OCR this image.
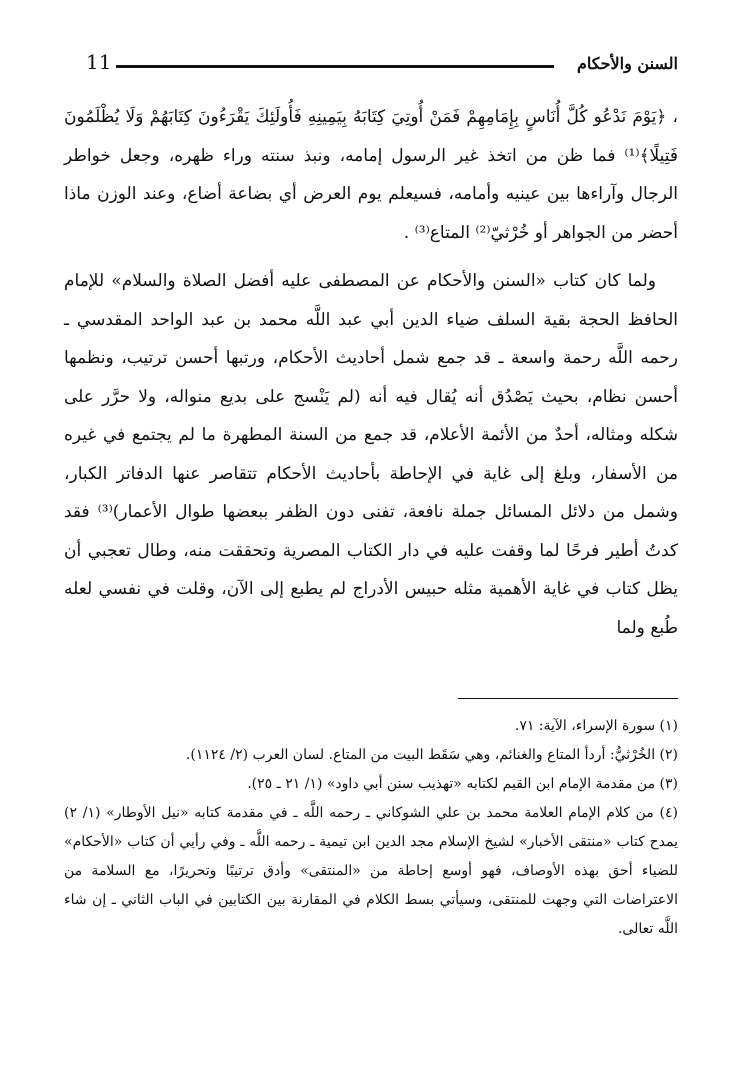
11	السنن والأحكام

، ﴿يَوْمَ نَدْعُو كُلَّ أُنَاسٍ بِإِمَامِهِمْ فَمَنْ أُوتِيَ كِتَابَهُ بِيَمِينِهِ فَأُولَئِكَ يَقْرَءُونَ كِتَابَهُمْ وَلَا يُظْلَمُونَ فَتِيلًا﴾⁽¹⁾ فما ظن من اتخذ غير الرسول إمامه، ونبذ سنته وراء ظهره، وجعل خواطر الرجال وآراءها بين عينيه وأمامه، فسيعلم يوم العرض أي بضاعة أضاع، وعند الوزن ماذا أحضر من الجواهر أو خُرْثيّ⁽²⁾ المتاع⁽³⁾ .

ولما كان كتاب «السنن والأحكام عن المصطفى عليه أفضل الصلاة والسلام» للإمام الحافظ الحجة بقية السلف ضياء الدين أبي عبد اللَّه محمد بن عبد الواحد المقدسي ـ رحمه اللَّه رحمة واسعة ـ قد جمع شمل أحاديث الأحكام، ورتبها أحسن ترتيب، ونظمها أحسن نظام، بحيث يَصْدُق أنه يُقال فيه أنه (لم يَنْسج على بديع منواله، ولا حرَّر على شكله ومثاله، أحدٌ من الأئمة الأعلام، قد جمع من السنة المطهرة ما لم يجتمع في غيره من الأسفار، وبلغ إلى غاية في الإحاطة بأحاديث الأحكام تتقاصر عنها الدفاتر الكبار، وشمل من دلائل المسائل جملة نافعة، تفنى دون الظفر ببعضها طوال الأعمار)⁽³⁾ فقد كدتُ أطير فرحًا لما وقفت عليه في دار الكتاب المصرية وتحققت منه، وطال تعجبي أن يظل كتاب في غاية الأهمية مثله حبيس الأدراج لم يطبع إلى الآن، وقلت في نفسي لعله طُبع ولما

(١) سورة الإسراء، الآية: ٧١.

(٢) الخُرْثيُّ: أردأ المتاع والغنائم، وهي سَقَط البيت من المتاع. لسان العرب (٢/ ١١٢٤).

(٣) من مقدمة الإمام ابن القيم لكتابه «تهذيب سنن أبي داود» (١/ ٢١ ـ ٢٥).

(٤) من كلام الإمام العلامة محمد بن علي الشوكاني ـ رحمه اللَّه ـ في مقدمة كتابه «نيل الأوطار» (١/ ٢) يمدح كتاب «منتقى الأخبار» لشيخ الإسلام مجد الدين ابن تيمية ـ رحمه اللَّه ـ وفي رأيي أن كتاب «الأحكام» للضياء أحق بهذه الأوصاف، فهو أوسع إحاطة من «المنتقى» وأدق ترتيبًا وتحريرًا، مع السلامة من الاعتراضات التي وجهت للمنتقى، وسيأتي بسط الكلام في المقارنة بين الكتابين في الباب الثاني ـ إن شاء اللَّه تعالى.
